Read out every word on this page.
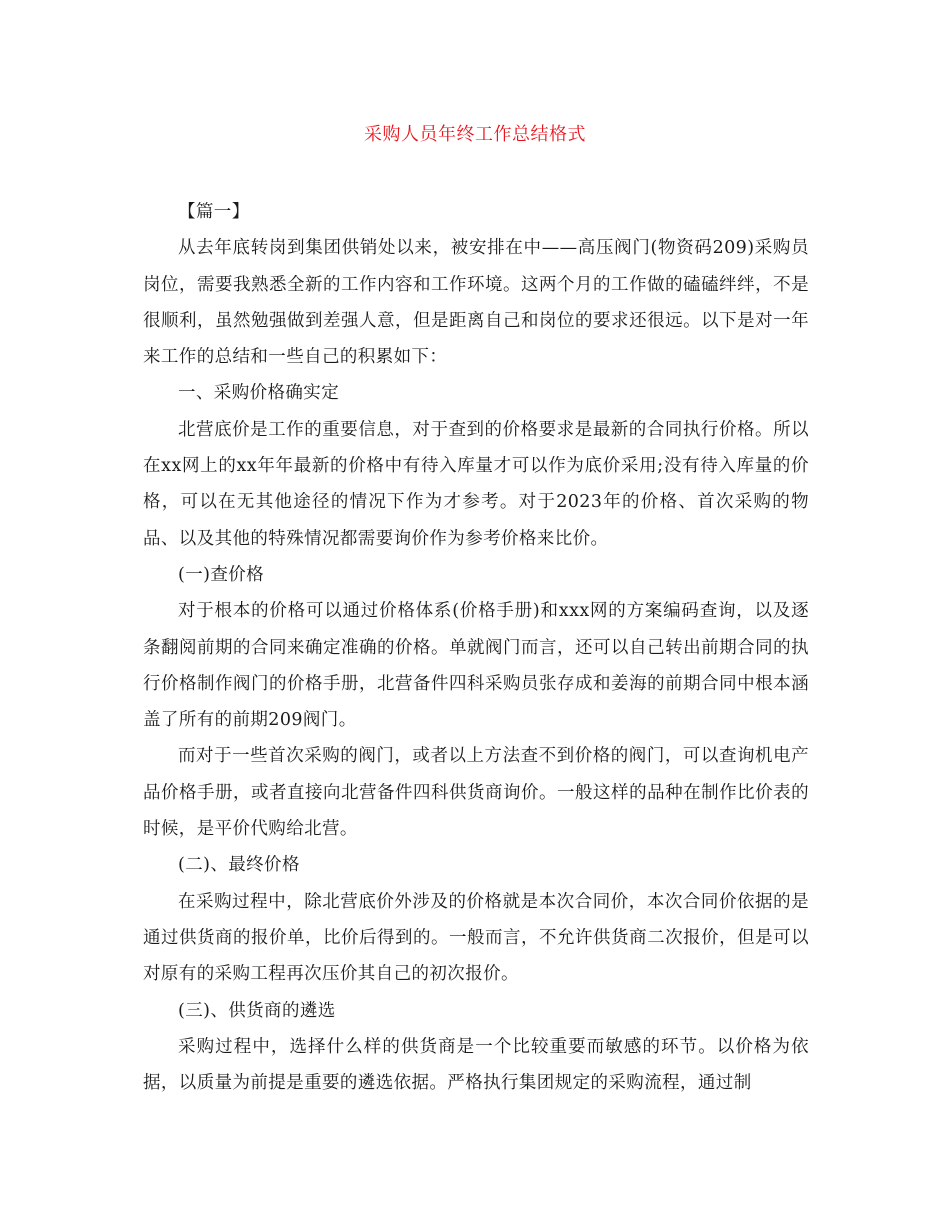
采购人员年终工作总结格式

【篇一】

从去年底转岗到集团供销处以来，被安排在中——高压阀门(物资码209)采购员岗位，需要我熟悉全新的工作内容和工作环境。这两个月的工作做的磕磕绊绊，不是很顺利，虽然勉强做到差强人意，但是距离自己和岗位的要求还很远。以下是对一年来工作的总结和一些自己的积累如下：

一、采购价格确实定

北营底价是工作的重要信息，对于查到的价格要求是最新的合同执行价格。所以在xx网上的xx年年最新的价格中有待入库量才可以作为底价采用;没有待入库量的价格，可以在无其他途径的情况下作为才参考。对于2023年的价格、首次采购的物品、以及其他的特殊情况都需要询价作为参考价格来比价。

(一)查价格

对于根本的价格可以通过价格体系(价格手册)和xxx网的方案编码查询，以及逐条翻阅前期的合同来确定准确的价格。单就阀门而言，还可以自己转出前期合同的执行价格制作阀门的价格手册，北营备件四科采购员张存成和姜海的前期合同中根本涵盖了所有的前期209阀门。

而对于一些首次采购的阀门，或者以上方法查不到价格的阀门，可以查询机电产品价格手册，或者直接向北营备件四科供货商询价。一般这样的品种在制作比价表的时候，是平价代购给北营。

(二)、最终价格

在采购过程中，除北营底价外涉及的价格就是本次合同价，本次合同价依据的是通过供货商的报价单，比价后得到的。一般而言，不允许供货商二次报价，但是可以对原有的采购工程再次压价其自己的初次报价。

(三)、供货商的遴选

采购过程中，选择什么样的供货商是一个比较重要而敏感的环节。以价格为依据，以质量为前提是重要的遴选依据。严格执行集团规定的采购流程，通过制
